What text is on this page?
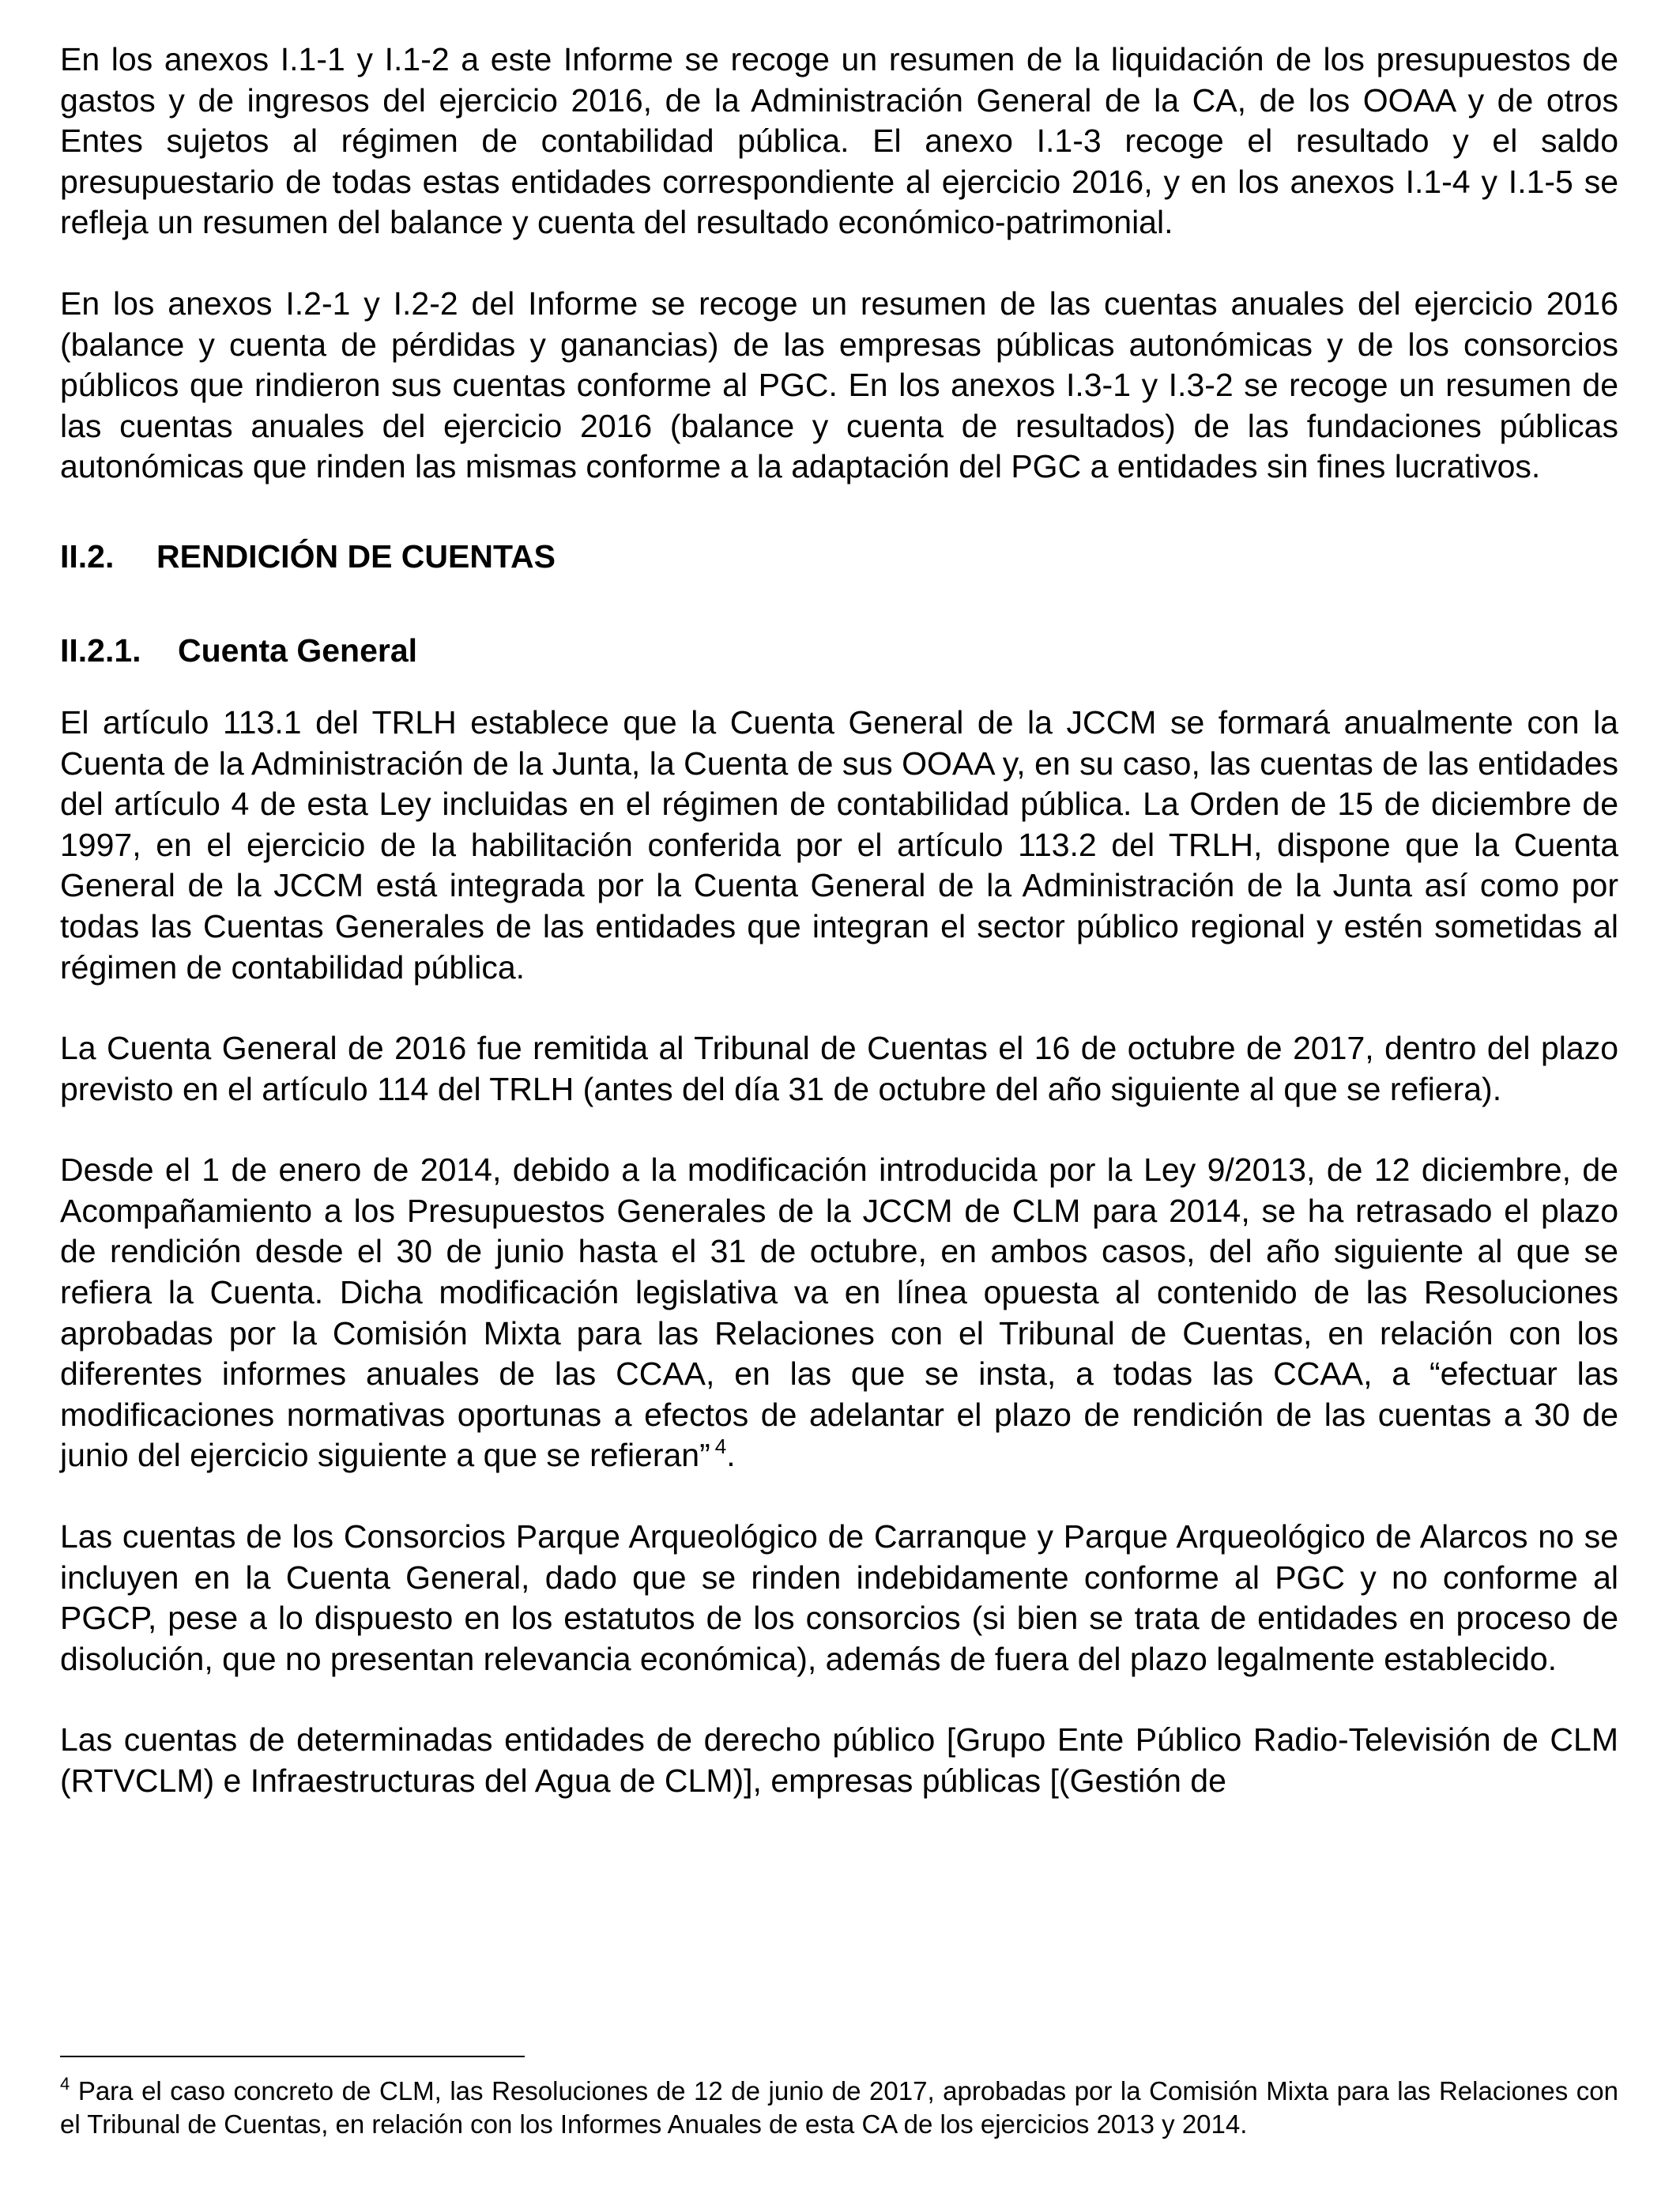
En los anexos I.1-1 y I.1-2 a este Informe se recoge un resumen de la liquidación de los presupuestos de gastos y de ingresos del ejercicio 2016, de la Administración General de la CA, de los OOAA y de otros Entes sujetos al régimen de contabilidad pública. El anexo I.1-3 recoge el resultado y el saldo presupuestario de todas estas entidades correspondiente al ejercicio 2016, y en los anexos I.1-4 y I.1-5 se refleja un resumen del balance y cuenta del resultado económico-patrimonial.

En los anexos I.2-1 y I.2-2 del Informe se recoge un resumen de las cuentas anuales del ejercicio 2016 (balance y cuenta de pérdidas y ganancias) de las empresas públicas autonómicas y de los consorcios públicos que rindieron sus cuentas conforme al PGC. En los anexos I.3-1 y I.3-2 se recoge un resumen de las cuentas anuales del ejercicio 2016 (balance y cuenta de resultados) de las fundaciones públicas autonómicas que rinden las mismas conforme a la adaptación del PGC a entidades sin fines lucrativos.

II.2. RENDICIÓN DE CUENTAS
II.2.1. Cuenta General

El artículo 113.1 del TRLH establece que la Cuenta General de la JCCM se formará anualmente con la Cuenta de la Administración de la Junta, la Cuenta de sus OOAA y, en su caso, las cuentas de las entidades del artículo 4 de esta Ley incluidas en el régimen de contabilidad pública. La Orden de 15 de diciembre de 1997, en el ejercicio de la habilitación conferida por el artículo 113.2 del TRLH, dispone que la Cuenta General de la JCCM está integrada por la Cuenta General de la Administración de la Junta así como por todas las Cuentas Generales de las entidades que integran el sector público regional y estén sometidas al régimen de contabilidad pública.

La Cuenta General de 2016 fue remitida al Tribunal de Cuentas el 16 de octubre de 2017, dentro del plazo previsto en el artículo 114 del TRLH (antes del día 31 de octubre del año siguiente al que se refiera).

Desde el 1 de enero de 2014, debido a la modificación introducida por la Ley 9/2013, de 12 diciembre, de Acompañamiento a los Presupuestos Generales de la JCCM de CLM para 2014, se ha retrasado el plazo de rendición desde el 30 de junio hasta el 31 de octubre, en ambos casos, del año siguiente al que se refiera la Cuenta. Dicha modificación legislativa va en línea opuesta al contenido de las Resoluciones aprobadas por la Comisión Mixta para las Relaciones con el Tribunal de Cuentas, en relación con los diferentes informes anuales de las CCAA, en las que se insta, a todas las CCAA, a “efectuar las modificaciones normativas oportunas a efectos de adelantar el plazo de rendición de las cuentas a 30 de junio del ejercicio siguiente a que se refieran” $^4$.

Las cuentas de los Consorcios Parque Arqueológico de Carranque y Parque Arqueológico de Alarcos no se incluyen en la Cuenta General, dado que se rinden indebidamente conforme al PGC y no conforme al PGCP, pese a lo dispuesto en los estatutos de los consorcios (si bien se trata de entidades en proceso de disolución, que no presentan relevancia económica), además de fuera del plazo legalmente establecido.

Las cuentas de determinadas entidades de derecho público [Grupo Ente Público Radio-Televisión de CLM (RTVCLM) e Infraestructuras del Agua de CLM)], empresas públicas [(Gestión de

$^4$ Para el caso concreto de CLM, las Resoluciones de 12 de junio de 2017, aprobadas por la Comisión Mixta para las Relaciones con el Tribunal de Cuentas, en relación con los Informes Anuales de esta CA de los ejercicios 2013 y 2014.
